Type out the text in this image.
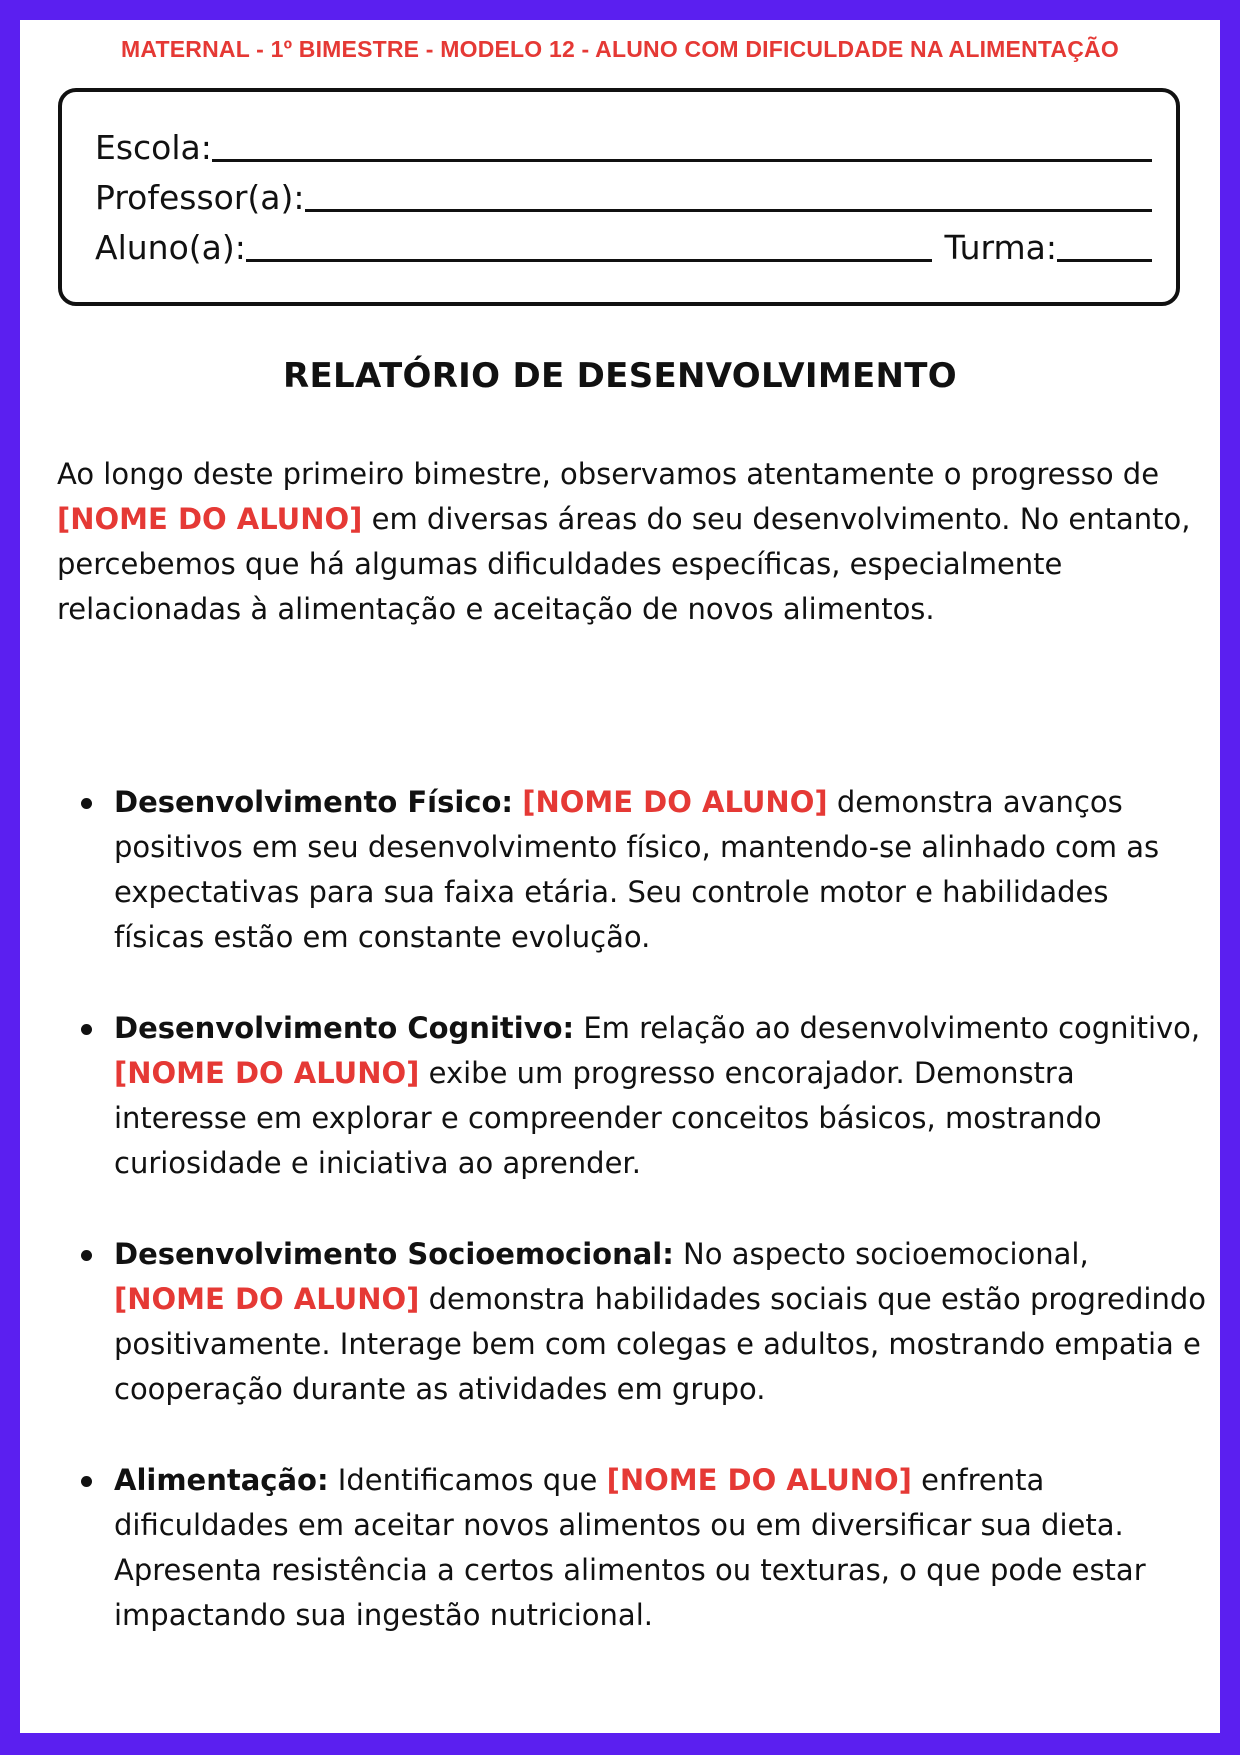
MATERNAL - 1º BIMESTRE - MODELO 12 - ALUNO COM DIFICULDADE NA ALIMENTAÇÃO
Escola:
Professor(a):
Aluno(a):	Turma:
RELATÓRIO DE DESENVOLVIMENTO

Ao longo deste primeiro bimestre, observamos atentamente o progresso de [NOME DO ALUNO] em diversas áreas do seu desenvolvimento. No entanto, percebemos que há algumas dificuldades específicas, especialmente relacionadas à alimentação e aceitação de novos alimentos.

Desenvolvimento Físico: [NOME DO ALUNO] demonstra avanços positivos em seu desenvolvimento físico, mantendo-se alinhado com as expectativas para sua faixa etária. Seu controle motor e habilidades físicas estão em constante evolução.
Desenvolvimento Cognitivo: Em relação ao desenvolvimento cognitivo, [NOME DO ALUNO] exibe um progresso encorajador. Demonstra interesse em explorar e compreender conceitos básicos, mostrando curiosidade e iniciativa ao aprender.
Desenvolvimento Socioemocional: No aspecto socioemocional, [NOME DO ALUNO] demonstra habilidades sociais que estão progredindo positivamente. Interage bem com colegas e adultos, mostrando empatia e cooperação durante as atividades em grupo.
Alimentação: Identificamos que [NOME DO ALUNO] enfrenta dificuldades em aceitar novos alimentos ou em diversificar sua dieta. Apresenta resistência a certos alimentos ou texturas, o que pode estar impactando sua ingestão nutricional.
